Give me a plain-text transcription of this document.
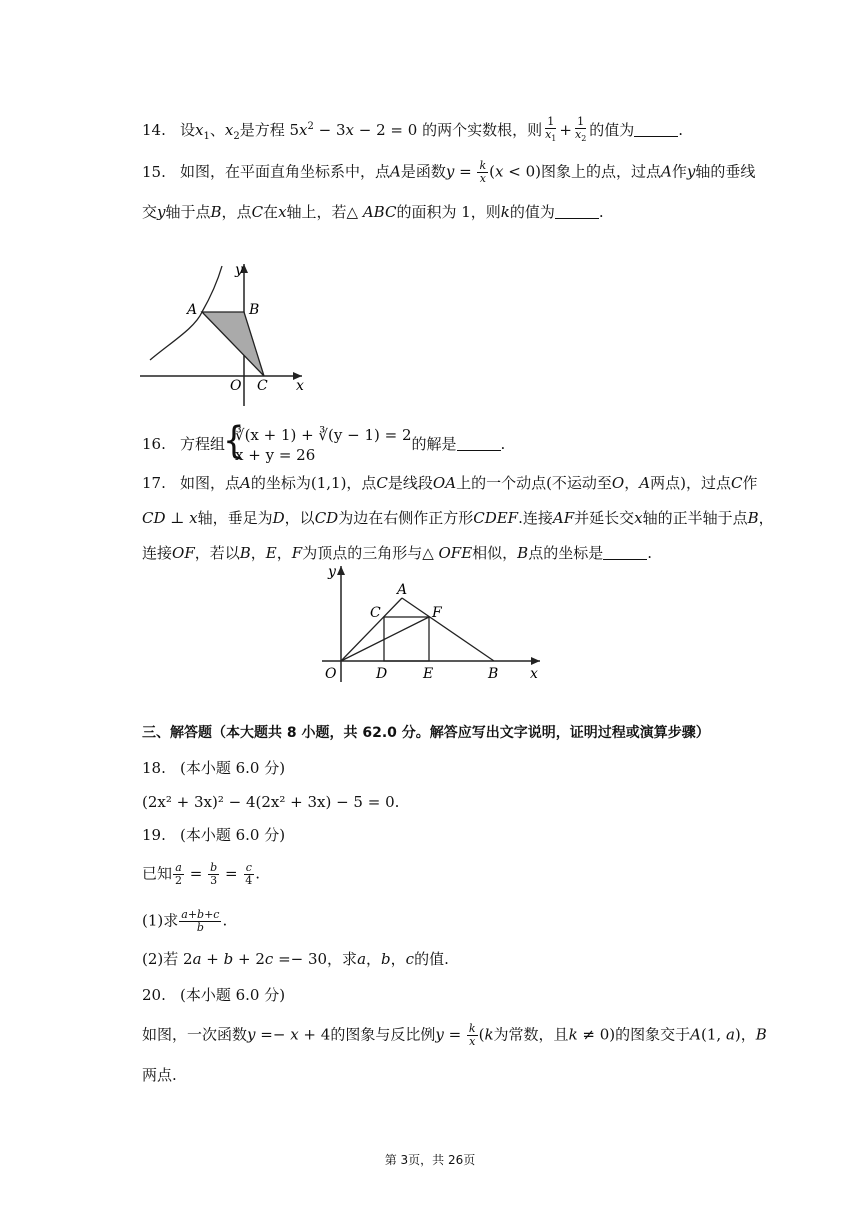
14. 设$x_1$、$x_2$是方程 $5x^2 - 3x - 2 = 0$ 的两个实数根，则 $\frac{1}{x_1} + \frac{1}{x_2}$ 的值为	.
15. 如图，在平面直角坐标系中，点A是函数$y = \frac{k}{x} (x < 0)$图象上的点，过点A作y轴的垂线
交y轴于点B，点C在x轴上，若△ ABC的面积为 1，则k的值为	.
y
A	B
O C x
16. 方程组
{ ∛(x + 1) + ∛(y − 1) = 2
x + y = 26
的解是	.
17. 如图，点A的坐标为(1,1)，点C是线段OA上的一个动点(不运动至O，A两点)，过点C作
CD ⊥ x轴，垂足为D，以CD为边在右侧作正方形CDEF.连接AF并延长交x轴的正半轴于点B，
连接OF，若以B，E，F为顶点的三角形与△ OFE相似，B点的坐标是	.
y
A
C	F
O	D	E	B x
三、解答题（本大题共 8 小题，共 62.0 分。解答应写出文字说明，证明过程或演算步骤）
18. (本小题 6.0 分)
(2x² + 3x)² − 4(2x² + 3x) − 5 = 0.
19. (本小题 6.0 分)
已知 $\frac{a}{2} = \frac{b}{3} = \frac{c}{4}$ .
(1)求 $\frac{a+b+c}{b}$ .
(2)若 2a + b + 2c =− 30，求a，b，c的值.
20. (本小题 6.0 分)
如图，一次函数y =− x + 4的图象与反比例$y = \frac{k}{x} (k$为常数，且k ≠ 0)的图象交于A(1, a)，B
两点.
第 3页，共 26页
